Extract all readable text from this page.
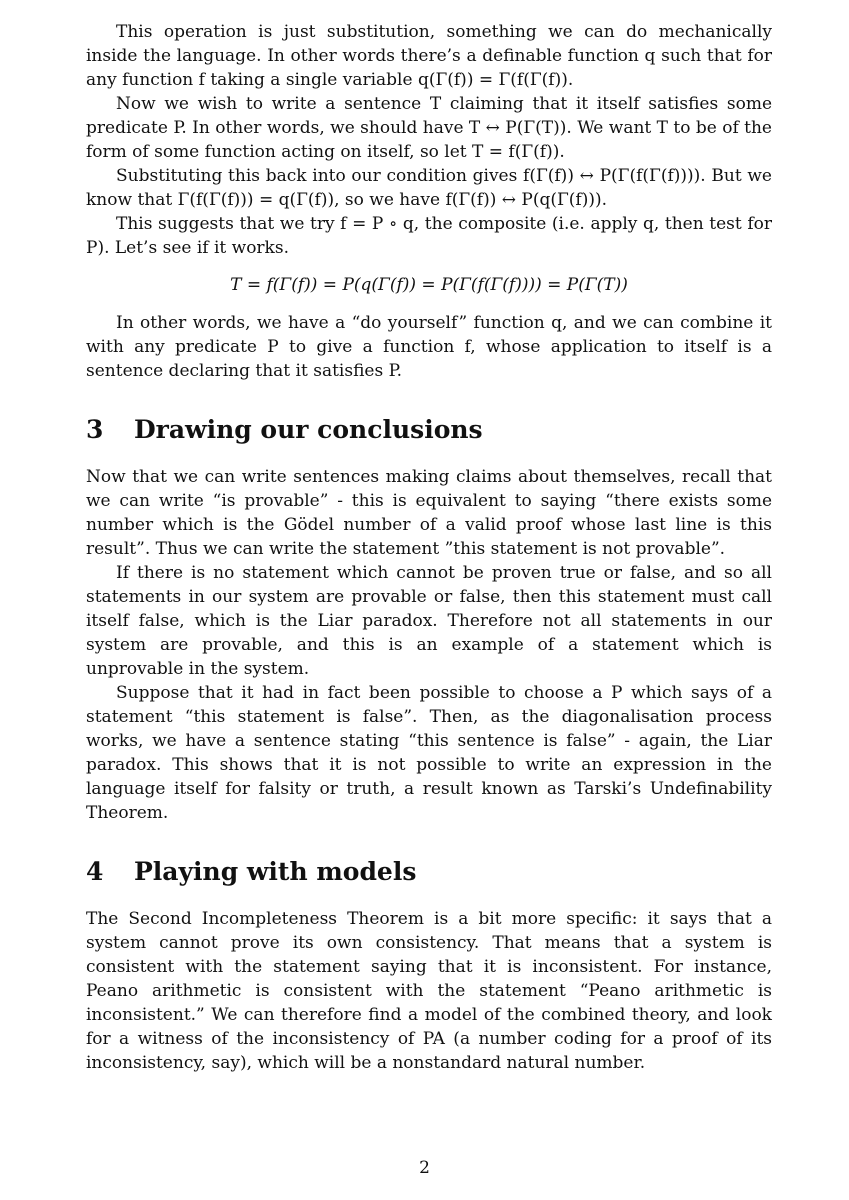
This operation is just substitution, something we can do mechanically inside the language. In other words there’s a definable function q such that for any function f taking a single variable q(Γ(f)) = Γ(f(Γ(f)).

Now we wish to write a sentence T claiming that it itself satisfies some predicate P. In other words, we should have T ↔ P(Γ(T)). We want T to be of the form of some function acting on itself, so let T = f(Γ(f)).

Substituting this back into our condition gives f(Γ(f)) ↔ P(Γ(f(Γ(f)))). But we know that Γ(f(Γ(f))) = q(Γ(f)), so we have f(Γ(f)) ↔ P(q(Γ(f))).

This suggests that we try f = P ∘ q, the composite (i.e. apply q, then test for P). Let’s see if it works.

T = f(Γ(f)) = P(q(Γ(f)) = P(Γ(f(Γ(f)))) = P(Γ(T))

In other words, we have a “do yourself” function q, and we can combine it with any predicate P to give a function f, whose application to itself is a sentence declaring that it satisfies P.

3	Drawing our conclusions

Now that we can write sentences making claims about themselves, recall that we can write “is provable” - this is equivalent to saying “there exists some number which is the Gödel number of a valid proof whose last line is this result”. Thus we can write the statement ”this statement is not provable”.

If there is no statement which cannot be proven true or false, and so all statements in our system are provable or false, then this statement must call itself false, which is the Liar paradox. Therefore not all statements in our system are provable, and this is an example of a statement which is unprovable in the system.

Suppose that it had in fact been possible to choose a P which says of a statement “this statement is false”. Then, as the diagonalisation process works, we have a sentence stating “this sentence is false” - again, the Liar paradox. This shows that it is not possible to write an expression in the language itself for falsity or truth, a result known as Tarski’s Undefinability Theorem.

4	Playing with models

The Second Incompleteness Theorem is a bit more specific: it says that a system cannot prove its own consistency. That means that a system is consistent with the statement saying that it is inconsistent. For instance, Peano arithmetic is consistent with the statement “Peano arithmetic is inconsistent.” We can therefore find a model of the combined theory, and look for a witness of the inconsistency of PA (a number coding for a proof of its inconsistency, say), which will be a nonstandard natural number.

2
